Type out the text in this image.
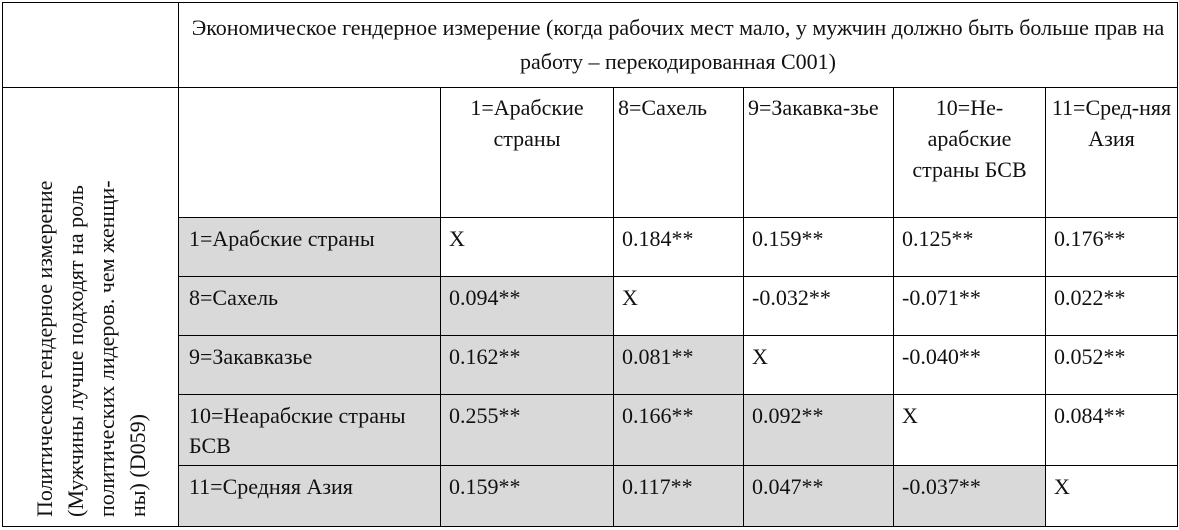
	Экономическое гендерное измерение (когда рабочих мест мало, у мужчин должно быть больше прав на работу – перекодированная C001)					

Политическое гендерное измерение (Мужчины лучше подходят на роль политических лидеров. чем женщи- ны) (D059)		1=Арабские страны	8=Сахель	9=Закавка-зье	10=Не-арабские страны БСВ	11=Сред-няя Азия
	1=Арабские страны	X	0.184**	0.159**	0.125**	0.176**
	8=Сахель	0.094**	X	-0.032**	-0.071**	0.022**
	9=Закавказье	0.162**	0.081**	X	-0.040**	0.052**
	10=Неарабские страны БСВ	0.255**	0.166**	0.092**	X	0.084**
	11=Средняя Азия	0.159**	0.117**	0.047**	-0.037**	X
